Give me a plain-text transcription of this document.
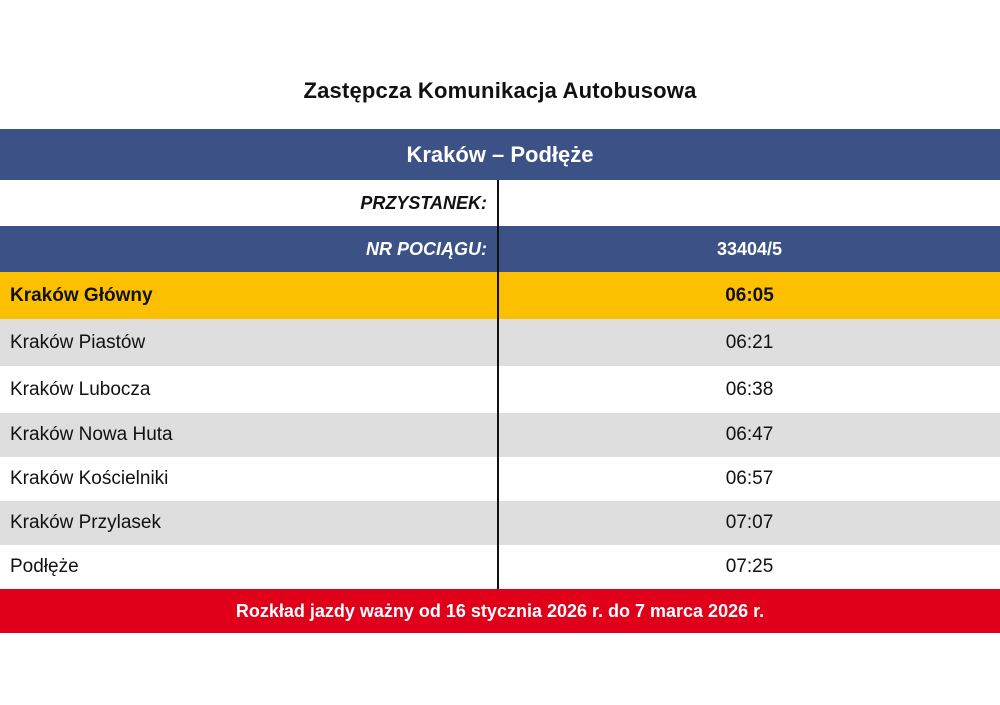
Zastępcza Komunikacja Autobusowa
Kraków – Podłęże
PRZYSTANEK:
NR POCIĄGU:	33404/5
Kraków Główny	06:05
Kraków Piastów	06:21
Kraków Lubocza	06:38
Kraków Nowa Huta	06:47
Kraków Kościelniki	06:57
Kraków Przylasek	07:07
Podłęże	07:25
Rozkład jazdy ważny od 16 stycznia 2026 r. do 7 marca 2026 r.
